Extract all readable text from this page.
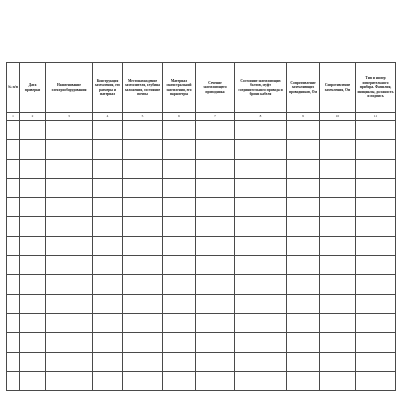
№ п/п	Дата проверки	Наименование электрооборудования	Конструкция заземления, его размеры и материал	Местонахождение заземлителя, глубина заложения, состояние почвы	Материал магистральной заземления, его параметры	Сечение заземляющего проводника	Состояние заземляющих болтов, муфт соединительного провода и брони кабеля	Сопротивление заземляющих проводников, Ом	Сопротивление заземления, Ом	Тип и номер измерительного прибора. Фамилия, инициалы, должность и подпись
1	2	3	4	5	6	7	8	9	10	11
